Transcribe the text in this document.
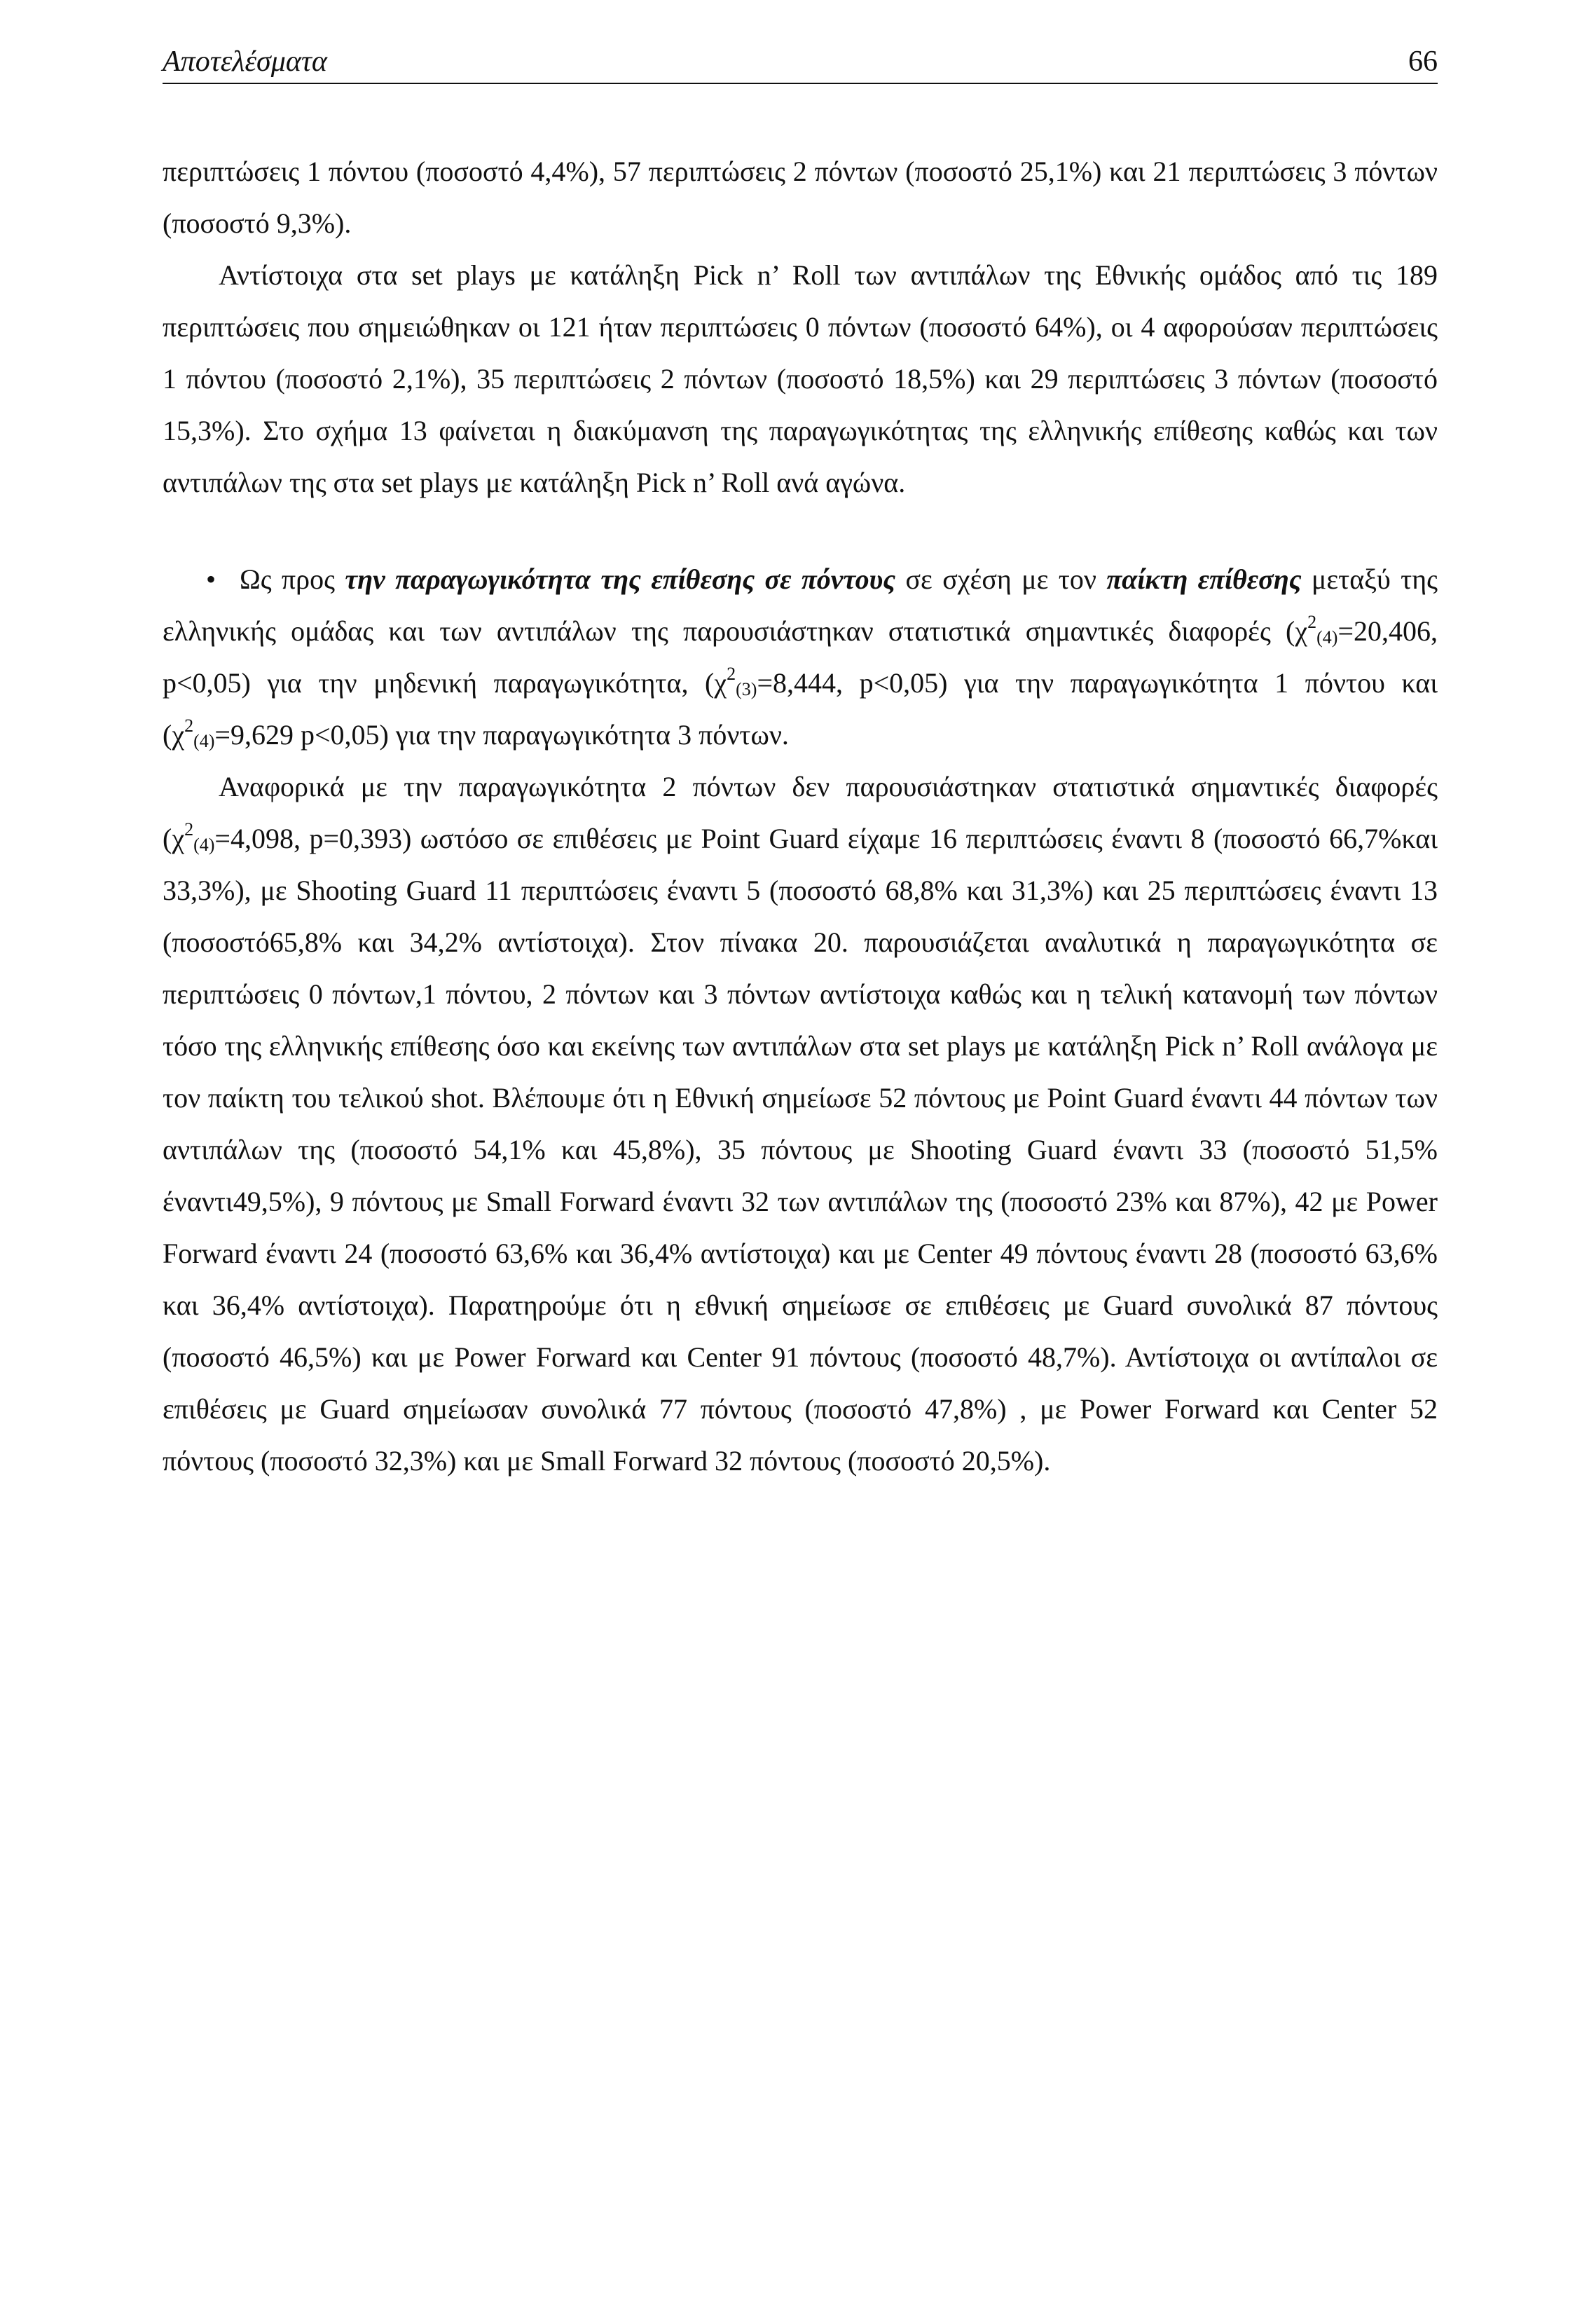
Αποτελέσματα	66

περιπτώσεις 1 πόντου (ποσοστό 4,4%), 57 περιπτώσεις 2 πόντων (ποσοστό 25,1%) και 21 περιπτώσεις 3 πόντων (ποσοστό 9,3%).

Αντίστοιχα στα set plays με κατάληξη Pick n’ Roll των αντιπάλων της Εθνικής ομάδος από τις 189 περιπτώσεις που σημειώθηκαν οι 121 ήταν περιπτώσεις 0 πόντων (ποσοστό 64%), οι 4 αφορούσαν περιπτώσεις 1 πόντου (ποσοστό 2,1%), 35 περιπτώσεις 2 πόντων (ποσοστό 18,5%) και 29 περιπτώσεις 3 πόντων (ποσοστό 15,3%). Στο σχήμα 13 φαίνεται η διακύμανση της παραγωγικότητας της ελληνικής επίθεσης καθώς και των αντιπάλων της στα set plays με κατάληξη Pick n’ Roll ανά αγώνα.

• Ως προς την παραγωγικότητα της επίθεσης σε πόντους σε σχέση με τον παίκτη επίθεσης μεταξύ της ελληνικής ομάδας και των αντιπάλων της παρουσιάστηκαν στατιστικά σημαντικές διαφορές ($\chi^2_{(4)}=20,406$, p<0,05) για την μηδενική παραγωγικότητα, ($\chi^2_{(3)}=8,444$, p<0,05) για την παραγωγικότητα 1 πόντου και ($\chi^2_{(4)}=9,629$ p<0,05) για την παραγωγικότητα 3 πόντων.

Αναφορικά με την παραγωγικότητα 2 πόντων δεν παρουσιάστηκαν στατιστικά σημαντικές διαφορές ($\chi^2_{(4)}=4,098$, p=0,393) ωστόσο σε επιθέσεις με Point Guard είχαμε 16 περιπτώσεις έναντι 8 (ποσοστό 66,7%και 33,3%), με Shooting Guard 11 περιπτώσεις έναντι 5 (ποσοστό 68,8% και 31,3%) και 25 περιπτώσεις έναντι 13 (ποσοστό65,8% και 34,2% αντίστοιχα). Στον πίνακα 20. παρουσιάζεται αναλυτικά η παραγωγικότητα σε περιπτώσεις 0 πόντων,1 πόντου, 2 πόντων και 3 πόντων αντίστοιχα καθώς και η τελική κατανομή των πόντων τόσο της ελληνικής επίθεσης όσο και εκείνης των αντιπάλων στα set plays με κατάληξη Pick n’ Roll ανάλογα με τον παίκτη του τελικού shot. Βλέπουμε ότι η Εθνική σημείωσε 52 πόντους με Point Guard έναντι 44 πόντων των αντιπάλων της (ποσοστό 54,1% και 45,8%), 35 πόντους με Shooting Guard έναντι 33 (ποσοστό 51,5% έναντι49,5%), 9 πόντους με Small Forward έναντι 32 των αντιπάλων της (ποσοστό 23% και 87%), 42 με Power Forward έναντι 24 (ποσοστό 63,6% και 36,4% αντίστοιχα) και με Center 49 πόντους έναντι 28 (ποσοστό 63,6% και 36,4% αντίστοιχα). Παρατηρούμε ότι η εθνική σημείωσε σε επιθέσεις με Guard συνολικά 87 πόντους (ποσοστό 46,5%) και με Power Forward και Center 91 πόντους (ποσοστό 48,7%). Αντίστοιχα οι αντίπαλοι σε επιθέσεις με Guard σημείωσαν συνολικά 77 πόντους (ποσοστό 47,8%) , με Power Forward και Center 52 πόντους (ποσοστό 32,3%) και με Small Forward 32 πόντους (ποσοστό 20,5%).
